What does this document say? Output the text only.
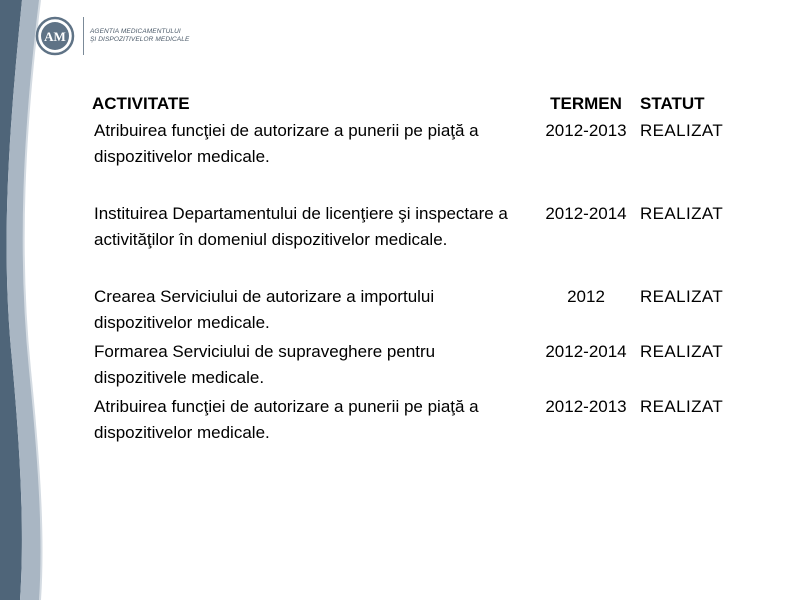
AM	AGENTIA MEDICAMENTULUI
ŞI DISPOZITIVELOR MEDICALE
ACTIVITATE	TERMEN	STATUT
Atribuirea funcţiei de autorizare a punerii pe piaţă a dispozitivelor medicale.	2012-2013	REALIZAT
Instituirea Departamentului de licenţiere şi inspectare a activităţilor în domeniul dispozitivelor medicale.	2012-2014	REALIZAT
Crearea Serviciului de autorizare a importului dispozitivelor medicale.	2012	REALIZAT
Formarea Serviciului de supraveghere pentru dispozitivele medicale.	2012-2014	REALIZAT
Atribuirea funcţiei de autorizare a punerii pe piaţă a dispozitivelor medicale.	2012-2013	REALIZAT
